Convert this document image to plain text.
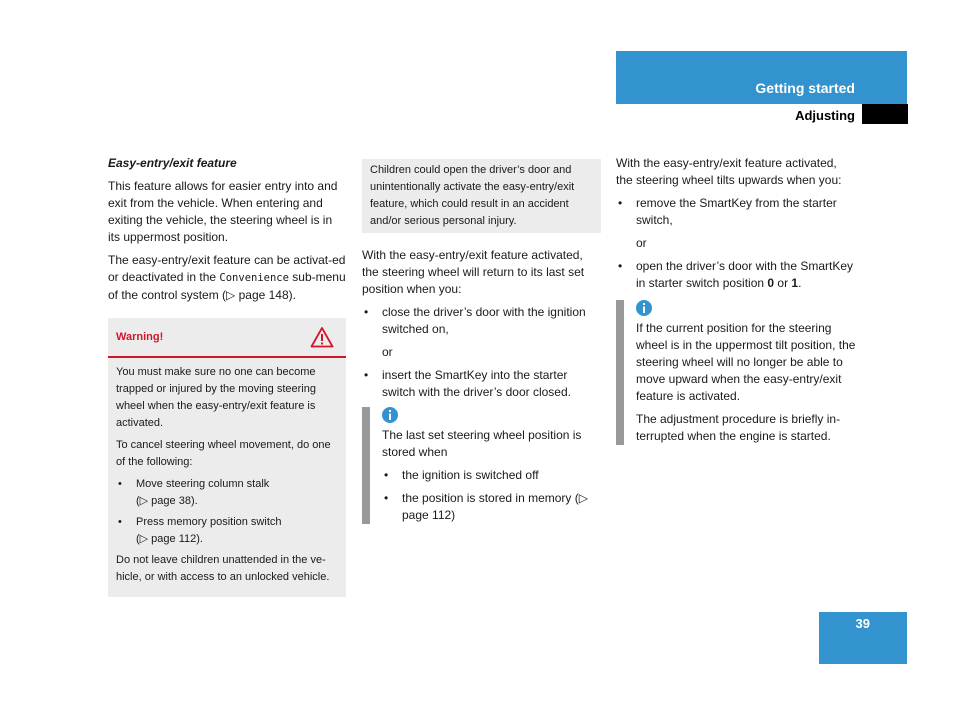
Getting started
Adjusting
Easy-entry/exit feature

This feature allows for easier entry into and exit from the vehicle. When entering and exiting the vehicle, the steering wheel is in its uppermost position.

The easy-entry/exit feature can be activat-ed or deactivated in the Convenience sub-menu of the control system (▷ page 148).

Warning!

You must make sure no one can become trapped or injured by the moving steering wheel when the easy-entry/exit feature is activated.

To cancel steering wheel movement, do one of the following:

• Move steering column stalk
(▷ page 38).
• Press memory position switch
(▷ page 112).

Do not leave children unattended in the ve-hicle, or with access to an unlocked vehicle.

Children could open the driver’s door and unintentionally activate the easy-entry/exit feature, which could result in an accident and/or serious personal injury.

With the easy-entry/exit feature activated, the steering wheel will return to its last set position when you:

• close the driver’s door with the ignition switched on,

or

• insert the SmartKey into the starter switch with the driver’s door closed.

The last set steering wheel position is stored when

• the ignition is switched off
• the position is stored in memory (▷ page 112)

With the easy-entry/exit feature activated, the steering wheel tilts upwards when you:

• remove the SmartKey from the starter switch,

or

• open the driver’s door with the SmartKey in starter switch position 0 or 1.

If the current position for the steering wheel is in the uppermost tilt position, the steering wheel will no longer be able to move upward when the easy-entry/exit feature is activated.

The adjustment procedure is briefly in-terrupted when the engine is started.

39
